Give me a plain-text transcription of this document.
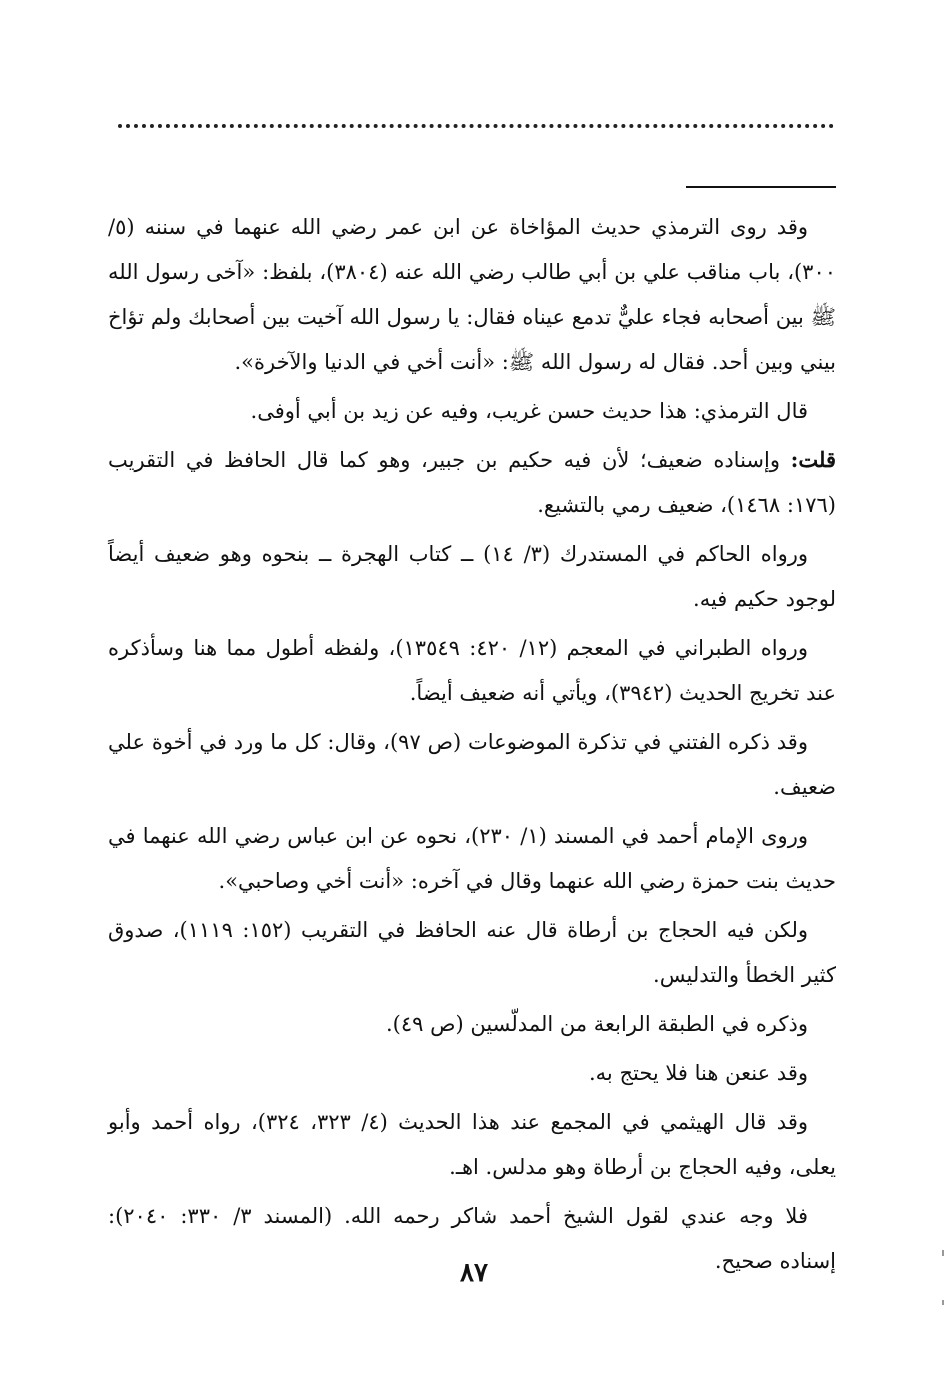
وقد روى الترمذي حديث المؤاخاة عن ابن عمر رضي الله عنهما في سننه (٥/ ٣٠٠)، باب مناقب علي بن أبي طالب رضي الله عنه (٣٨٠٤)، بلفظ: «آخى رسول الله ﷺ بين أصحابه فجاء عليٌّ تدمع عيناه فقال: يا رسول الله آخيت بين أصحابك ولم تؤاخ بيني وبين أحد. فقال له رسول الله ﷺ: «أنت أخي في الدنيا والآخرة».

قال الترمذي: هذا حديث حسن غريب، وفيه عن زيد بن أبي أوفى.

قلت: وإسناده ضعيف؛ لأن فيه حكيم بن جبير، وهو كما قال الحافظ في التقريب (١٧٦: ١٤٦٨)، ضعيف رمي بالتشيع.

ورواه الحاكم في المستدرك (٣/ ١٤) ــ كتاب الهجرة ــ بنحوه وهو ضعيف أيضاً لوجود حكيم فيه.

ورواه الطبراني في المعجم (١٢/ ٤٢٠: ١٣٥٤٩)، ولفظه أطول مما هنا وسأذكره عند تخريج الحديث (٣٩٤٢)، ويأتي أنه ضعيف أيضاً.

وقد ذكره الفتني في تذكرة الموضوعات (ص ٩٧)، وقال: كل ما ورد في أخوة علي ضعيف.

وروى الإمام أحمد في المسند (١/ ٢٣٠)، نحوه عن ابن عباس رضي الله عنهما في حديث بنت حمزة رضي الله عنهما وقال في آخره: «أنت أخي وصاحبي».

ولكن فيه الحجاج بن أرطاة قال عنه الحافظ في التقريب (١٥٢: ١١١٩)، صدوق كثير الخطأ والتدليس.

وذكره في الطبقة الرابعة من المدلّسين (ص ٤٩).

وقد عنعن هنا فلا يحتج به.

وقد قال الهيثمي في المجمع عند هذا الحديث (٤/ ٣٢٣، ٣٢٤)، رواه أحمد وأبو يعلى، وفيه الحجاج بن أرطاة وهو مدلس. اهـ.

فلا وجه عندي لقول الشيخ أحمد شاكر رحمه الله. (المسند ٣/ ٣٣٠: ٢٠٤٠): إسناده صحيح.

٨٧
